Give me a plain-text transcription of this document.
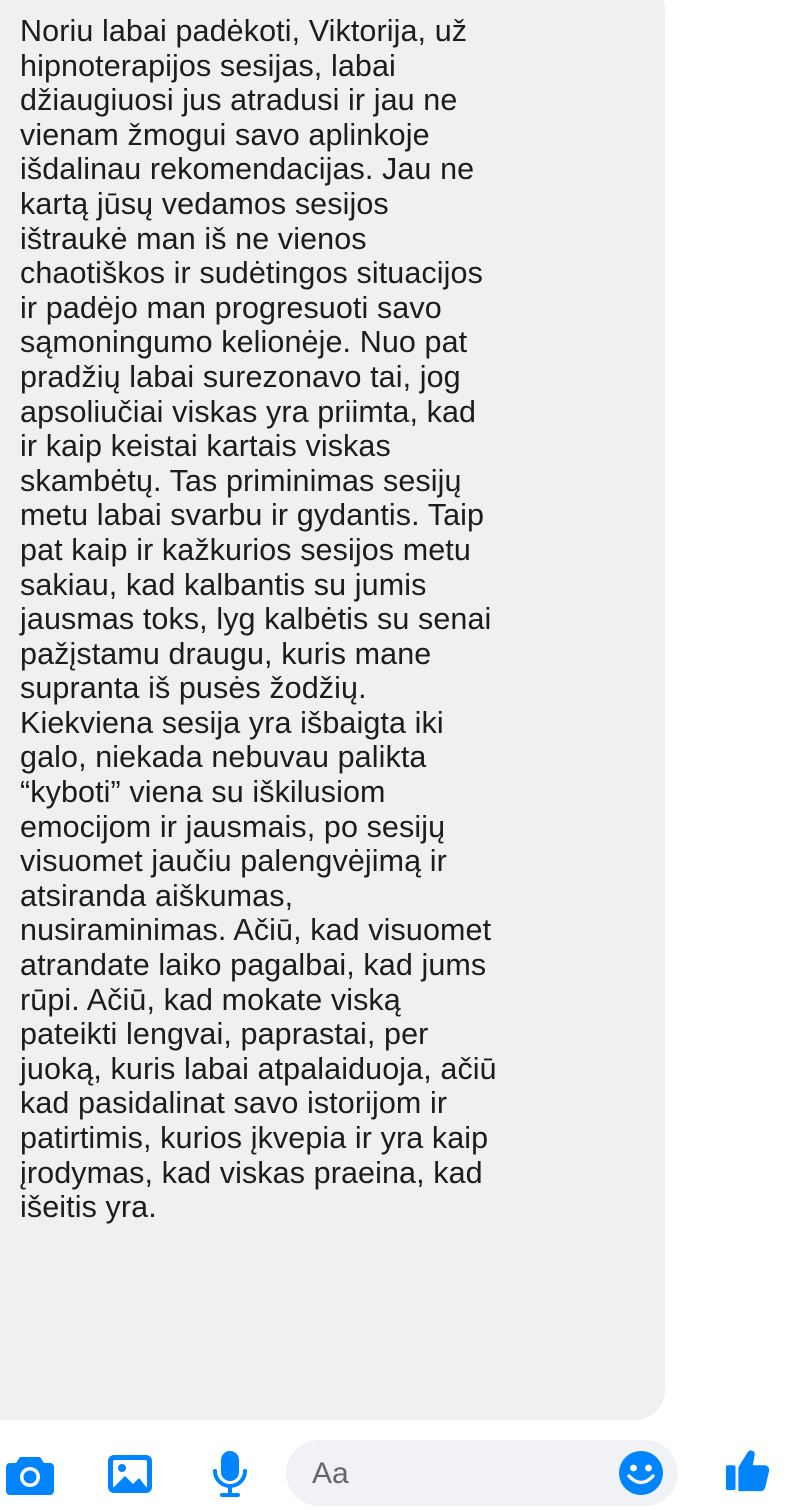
Noriu labai padėkoti, Viktorija, už
hipnoterapijos sesijas, labai
džiaugiuosi jus atradusi ir jau ne
vienam žmogui savo aplinkoje
išdalinau rekomendacijas. Jau ne
kartą jūsų vedamos sesijos
ištraukė man iš ne vienos
chaotiškos ir sudėtingos situacijos
ir padėjo man progresuoti savo
sąmoningumo kelionėje. Nuo pat
pradžių labai surezonavo tai, jog
apsoliučiai viskas yra priimta, kad
ir kaip keistai kartais viskas
skambėtų. Tas priminimas sesijų
metu labai svarbu ir gydantis. Taip
pat kaip ir kažkurios sesijos metu
sakiau, kad kalbantis su jumis
jausmas toks, lyg kalbėtis su senai
pažįstamu draugu, kuris mane
supranta iš pusės žodžių.
Kiekviena sesija yra išbaigta iki
galo, niekada nebuvau palikta
“kyboti” viena su iškilusiom
emocijom ir jausmais, po sesijų
visuomet jaučiu palengvėjimą ir
atsiranda aiškumas,
nusiraminimas. Ačiū, kad visuomet
atrandate laiko pagalbai, kad jums
rūpi. Ačiū, kad mokate viską
pateikti lengvai, paprastai, per
juoką, kuris labai atpalaiduoja, ačiū
kad pasidalinat savo istorijom ir
patirtimis, kurios įkvepia ir yra kaip
įrodymas, kad viskas praeina, kad
išeitis yra.
Aa
